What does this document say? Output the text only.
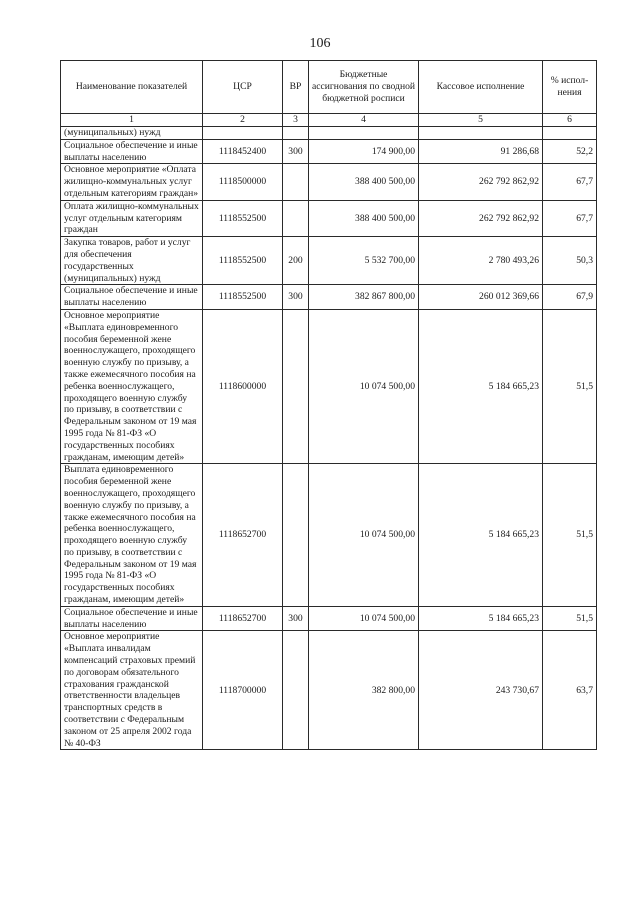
106
Наименование показателей	ЦСР	ВР	Бюджетные ассигнования по сводной бюджетной росписи	Кассовое исполнение	% испол-нения
1	2	3	4	5	6
(муниципальных) нужд					
Социальное обеспечение и иные выплаты населению	1118452400	300	174 900,00	91 286,68	52,2
Основное мероприятие «Оплата жилищно-коммунальных услуг отдельным категориям граждан»	1118500000		388 400 500,00	262 792 862,92	67,7
Оплата жилищно-коммунальных услуг отдельным категориям граждан	1118552500		388 400 500,00	262 792 862,92	67,7
Закупка товаров, работ и услуг для обеспечения государственных (муниципальных) нужд	1118552500	200	5 532 700,00	2 780 493,26	50,3
Социальное обеспечение и иные выплаты населению	1118552500	300	382 867 800,00	260 012 369,66	67,9
Основное мероприятие «Выплата единовременного пособия беременной жене военнослужащего, проходящего военную службу по призыву, а также ежемесячного пособия на ребенка военнослужащего, проходящего военную службу по призыву, в соответствии с Федеральным законом от 19 мая 1995 года № 81-ФЗ «О государственных пособиях гражданам, имеющим детей»	1118600000		10 074 500,00	5 184 665,23	51,5
Выплата единовременного пособия беременной жене военнослужащего, проходящего военную службу по призыву, а также ежемесячного пособия на ребенка военнослужащего, проходящего военную службу по призыву, в соответствии с Федеральным законом от 19 мая 1995 года № 81-ФЗ «О государственных пособиях гражданам, имеющим детей»	1118652700		10 074 500,00	5 184 665,23	51,5
Социальное обеспечение и иные выплаты населению	1118652700	300	10 074 500,00	5 184 665,23	51,5
Основное мероприятие «Выплата инвалидам компенсаций страховых премий по договорам обязательного страхования гражданской ответственности владельцев транспортных средств в соответствии с Федеральным законом от 25 апреля 2002 года № 40-ФЗ	1118700000		382 800,00	243 730,67	63,7
